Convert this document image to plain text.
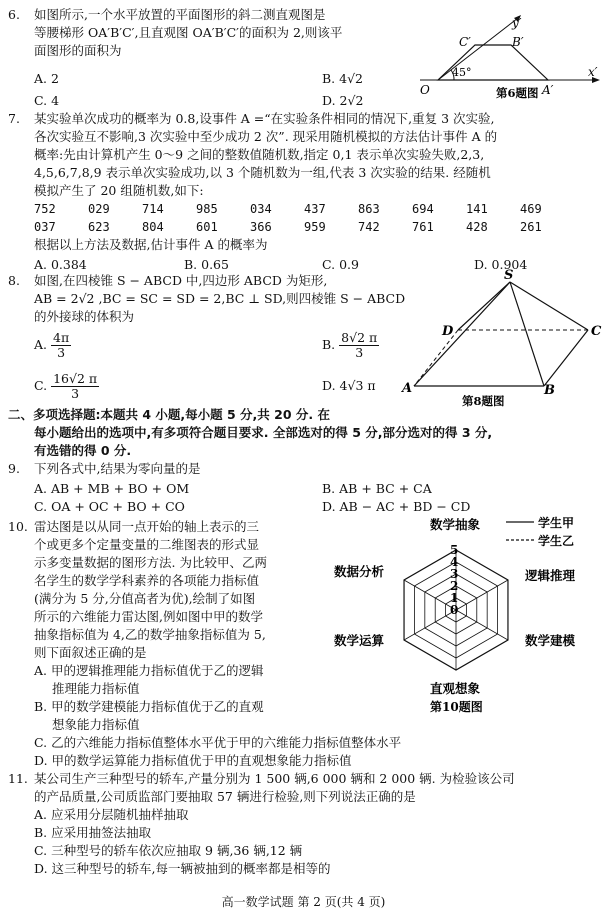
6. 如图所示,一个水平放置的平面图形的斜二测直观图是
等腰梯形 OA′B′C′,且直观图 OA′B′C′的面积为 2,则该平
面图形的面积为
A. 2	B. 4√2
C. 4	D. 2√2
y′
x′
O	A′
B′
C′
45°
第6题图
7. 某实验单次成功的概率为 0.8,设事件 A =“在实验条件相同的情况下,重复 3 次实验,
各次实验互不影响,3 次实验中至少成功 2 次”. 现采用随机模拟的方法估计事件 A 的
概率:先由计算机产生 0～9 之间的整数值随机数,指定 0,1 表示单次实验失败,2,3,
4,5,6,7,8,9 表示单次实验成功,以 3 个随机数为一组,代表 3 次实验的结果. 经随机
模拟产生了 20 组随机数,如下:
752	029	714	985	034	437	863	694	141	469
037	623	804	601	366	959	742	761	428	261
根据以上方法及数据,估计事件 A 的概率为
A. 0.384	B. 0.65	C. 0.9	D. 0.904
8. 如图,在四棱锥 S − ABCD 中,四边形 ABCD 为矩形,
AB = 2√2 ,BC = SC = SD = 2,BC ⊥ SD,则四棱锥 S − ABCD
的外接球的体积为
A. $\frac{4\pi}{3}$	B. $\frac{8√2 \pi}{3}$
C. $\frac{16√2 \pi}{3}$	D. 4√3 π
S
A	B
C
D
第8题图
二、多项选择题:本题共 4 小题,每小题 5 分,共 20 分. 在
每小题给出的选项中,有多项符合题目要求. 全部选对的得 5 分,部分选对的得 3 分,
有选错的得 0 分.
9. 下列各式中,结果为零向量的是
A. AB + MB + BO + OM	B. AB + BC + CA
C. OA + OC + BO + CO	D. AB − AC + BD − CD
10. 雷达图是以从同一点开始的轴上表示的三
个或更多个定量变量的二维图表的形式显
示多变量数据的图形方法. 为比较甲、乙两
名学生的数学学科素养的各项能力指标值
(满分为 5 分,分值高者为优),绘制了如图
所示的六维能力雷达图,例如图中甲的数学
抽象指标值为 4,乙的数学抽象指标值为 5,
则下面叙述正确的是
A. 甲的逻辑推理能力指标值优于乙的逻辑
推理能力指标值
B. 甲的数学建模能力指标值优于乙的直观
想象能力指标值
C. 乙的六维能力指标值整体水平优于甲的六维能力指标值整体水平
D. 甲的数学运算能力指标值优于甲的直观想象能力指标值
0
1
2
3
4
5
学生甲
学生乙
数学抽象
逻辑推理
数学建模
直观想象
数学运算
数据分析
第10题图
11. 某公司生产三种型号的轿车,产量分别为 1 500 辆,6 000 辆和 2 000 辆. 为检验该公司
的产品质量,公司质监部门要抽取 57 辆进行检验,则下列说法正确的是
A. 应采用分层随机抽样抽取
B. 应采用抽签法抽取
C. 三种型号的轿车依次应抽取 9 辆,36 辆,12 辆
D. 这三种型号的轿车,每一辆被抽到的概率都是相等的
高一数学试题 第 2 页(共 4 页)
